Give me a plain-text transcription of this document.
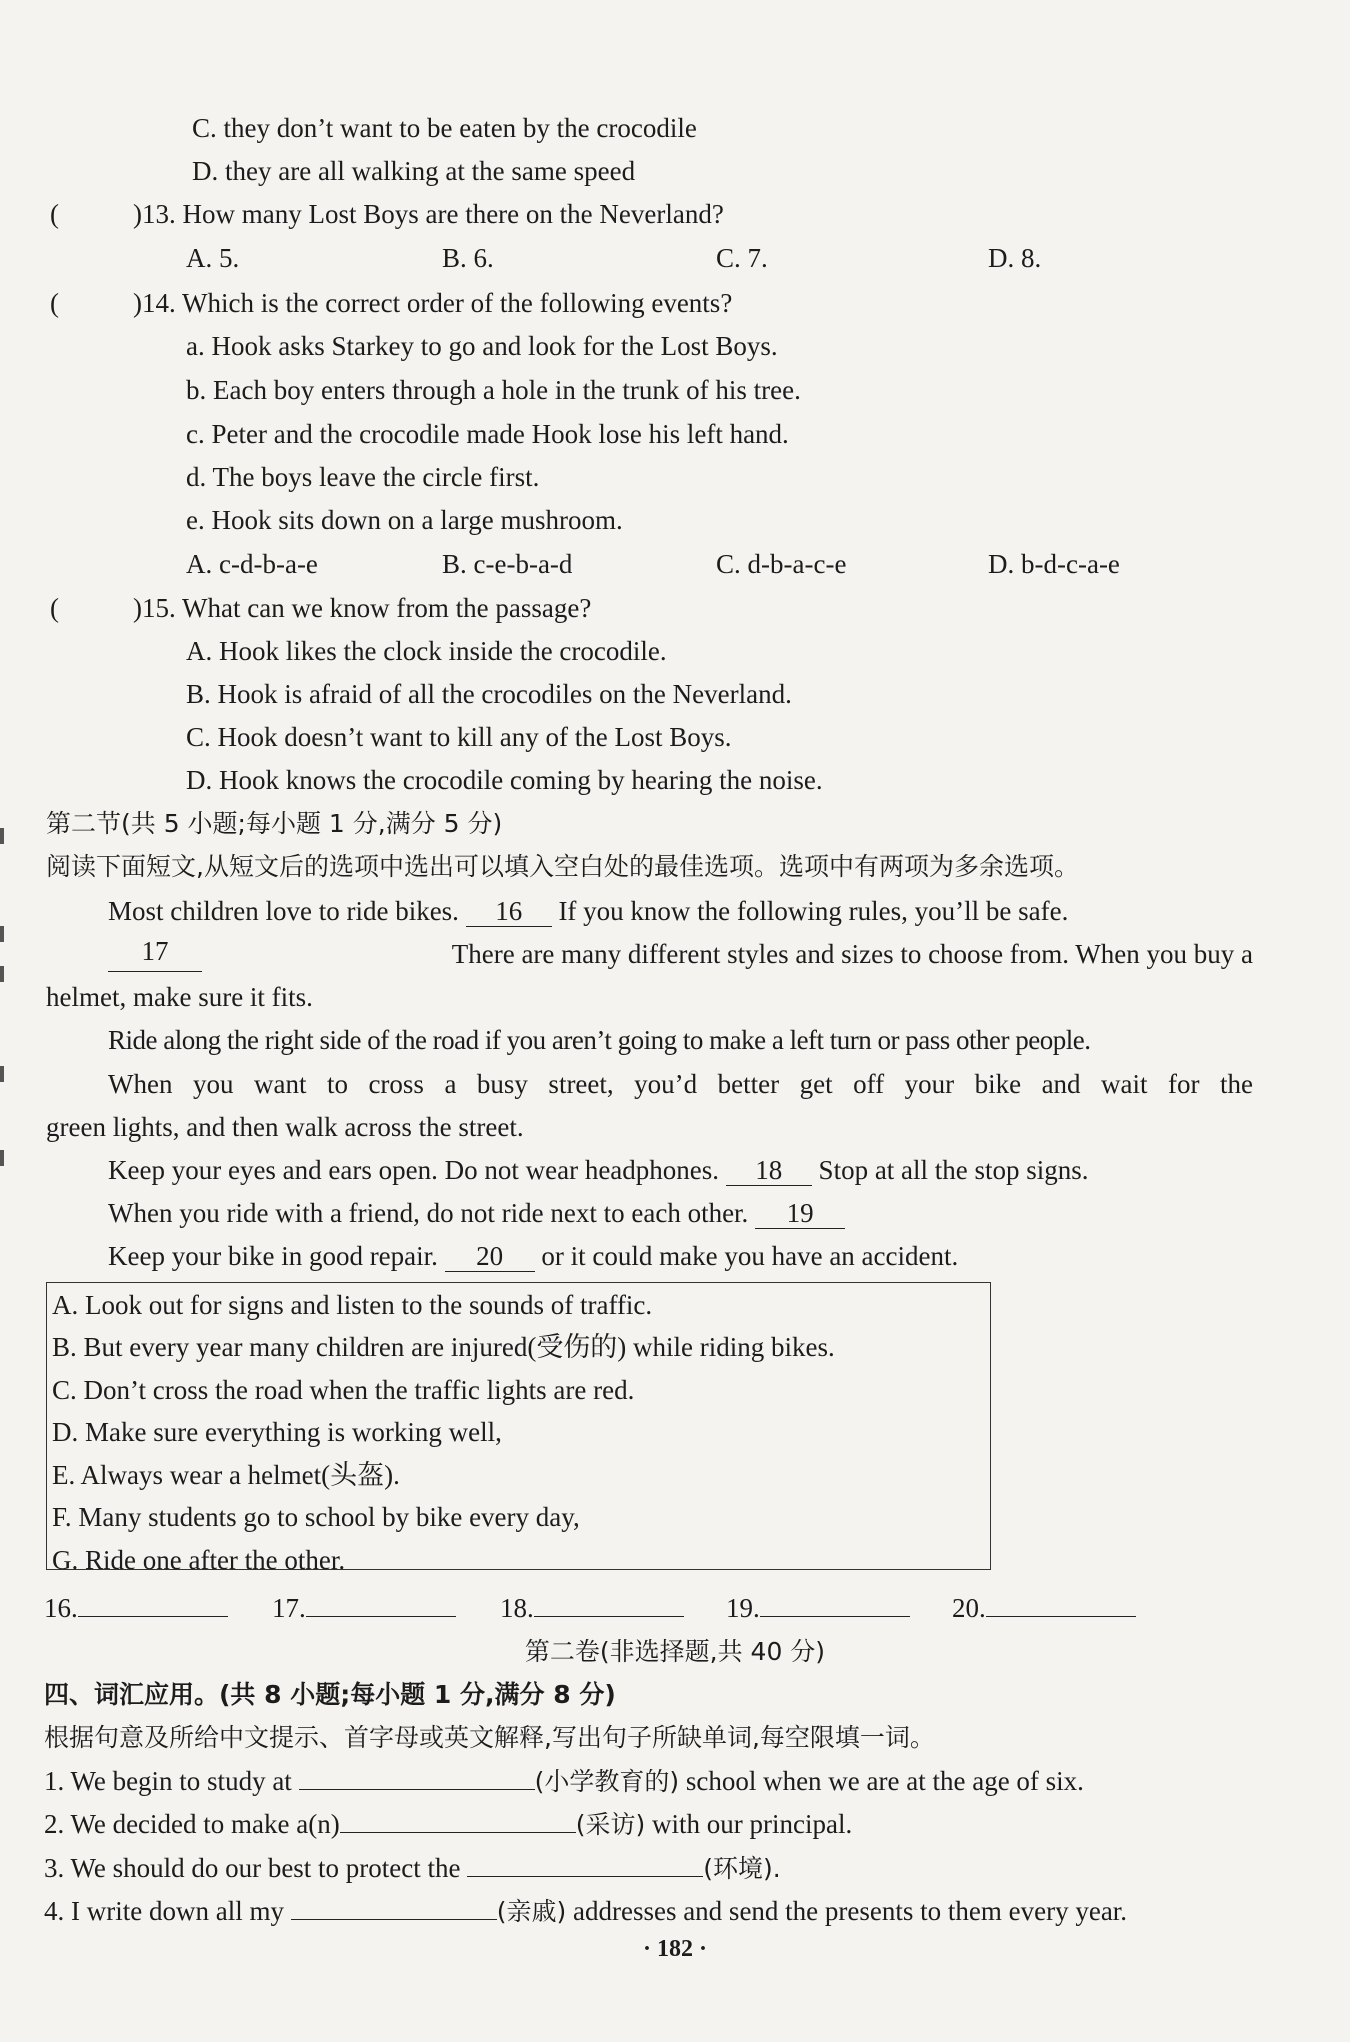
C. they don’t want to be eaten by the crocodile
D. they are all walking at the same speed
(	)13. How many Lost Boys are there on the Neverland?
A. 5.	B. 6.	C. 7.	D. 8.
(	)14. Which is the correct order of the following events?
a. Hook asks Starkey to go and look for the Lost Boys.
b. Each boy enters through a hole in the trunk of his tree.
c. Peter and the crocodile made Hook lose his left hand.
d. The boys leave the circle first.
e. Hook sits down on a large mushroom.
A. c-d-b-a-e	B. c-e-b-a-d	C. d-b-a-c-e	D. b-d-c-a-e
(	)15. What can we know from the passage?
A. Hook likes the clock inside the crocodile.
B. Hook is afraid of all the crocodiles on the Neverland.
C. Hook doesn’t want to kill any of the Lost Boys.
D. Hook knows the crocodile coming by hearing the noise.
第二节(共 5 小题;每小题 1 分,满分 5 分)
阅读下面短文,从短文后的选项中选出可以填入空白处的最佳选项。选项中有两项为多余选项。
Most children love to ride bikes. 16 If you know the following rules, you’ll be safe.
17	There are many different styles and sizes to choose from. When you buy a
helmet, make sure it fits.
Ride along the right side of the road if you aren’t going to make a left turn or pass other people.
When you want to cross a busy street, you’d better get off your bike and wait for the
green lights, and then walk across the street.
Keep your eyes and ears open. Do not wear headphones. 18 Stop at all the stop signs.
When you ride with a friend, do not ride next to each other. 19
Keep your bike in good repair. 20 or it could make you have an accident.
A. Look out for signs and listen to the sounds of traffic.
B. But every year many children are injured(受伤的) while riding bikes.
C. Don’t cross the road when the traffic lights are red.
D. Make sure everything is working well,
E. Always wear a helmet(头盔).
F. Many students go to school by bike every day,
G. Ride one after the other.
16.	17.	18.	19.	20.
第二卷(非选择题,共 40 分)
四、词汇应用。(共 8 小题;每小题 1 分,满分 8 分)
根据句意及所给中文提示、首字母或英文解释,写出句子所缺单词,每空限填一词。
1. We begin to study at	(小学教育的) school when we are at the age of six.
2. We decided to make a(n)	(采访) with our principal.
3. We should do our best to protect the	(环境).
4. I write down all my	(亲戚) addresses and send the presents to them every year.
· 182 ·
